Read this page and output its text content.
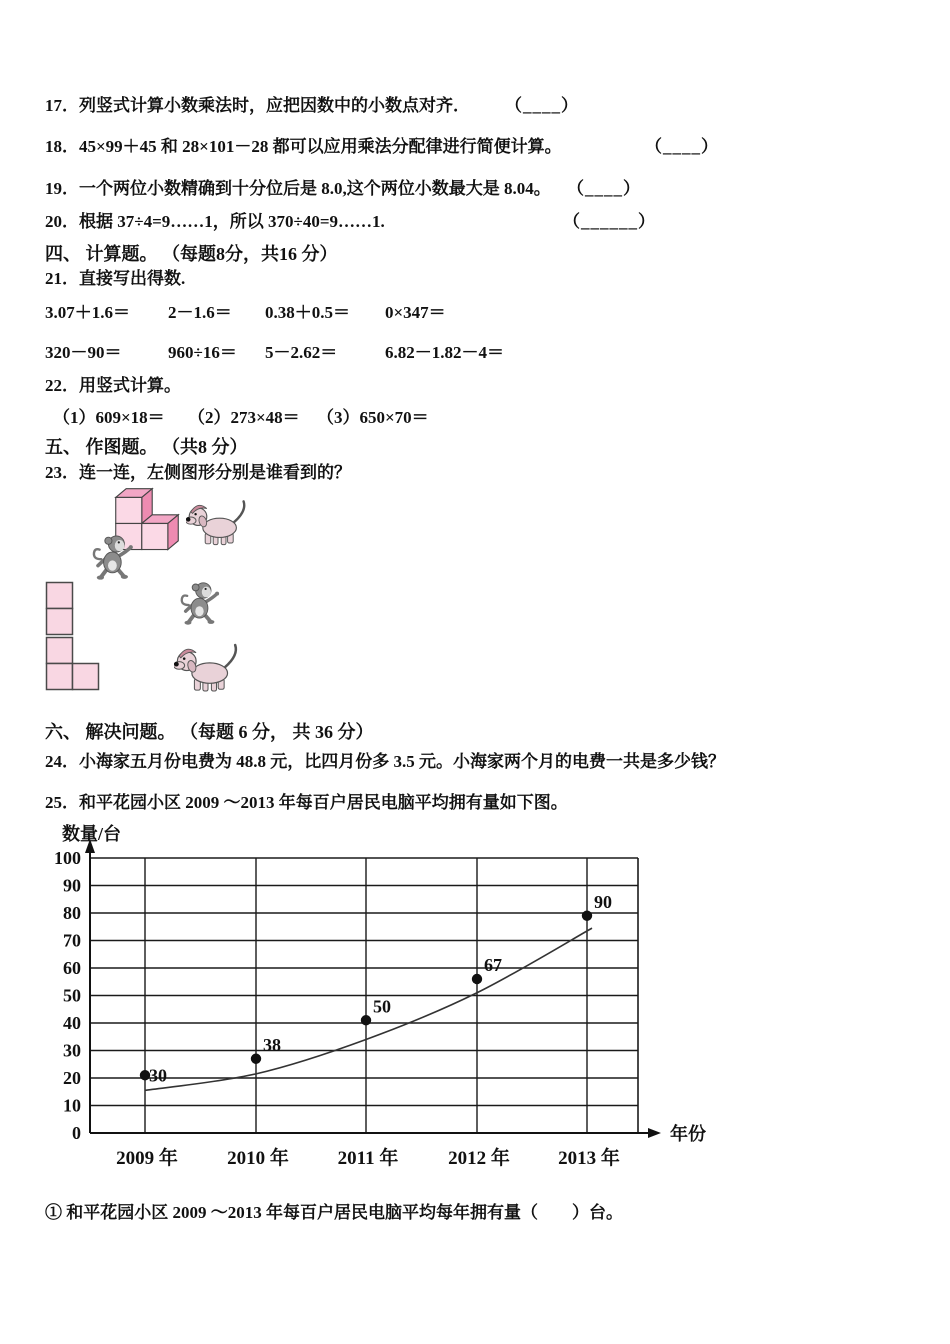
17．列竖式计算小数乘法时，应把因数中的小数点对齐． （____）
18．45×99＋45 和 28×101－28 都可以应用乘法分配律进行简便计算。	（____）
19．一个两位小数精确到十分位后是 8.0,这个两位小数最大是 8.04。 （____）
20．根据 37÷4=9……1，所以 370÷40=9……1.	（______）
四、 计算题。 （每题8分，共16 分）
21．直接写出得数.
3.07＋1.6＝	2－1.6＝	0.38＋0.5＝	0×347＝
320－90＝	960÷16＝	5－2.62＝	6.82－1.82－4＝
22．用竖式计算。
（1）609×18＝	（2）273×48＝	（3）650×70＝
五、 作图题。 （共8 分）
23．连一连，左侧图形分别是谁看到的？
六、 解决问题。 （每题 6 分， 共 36 分）
24．小海家五月份电费为 48.8 元，比四月份多 3.5 元。小海家两个月的电费一共是多少钱？
25．和平花园小区 2009 ～2013 年每百户居民电脑平均拥有量如下图。
0
10
20
30
40
50
60
70
80
90
100
数量/台
年份
2009 年	2010 年	2011 年	2012 年	2013 年
30
38
50
67
90
① 和平花园小区 2009 ～2013 年每百户居民电脑平均每年拥有量（　　）台。
